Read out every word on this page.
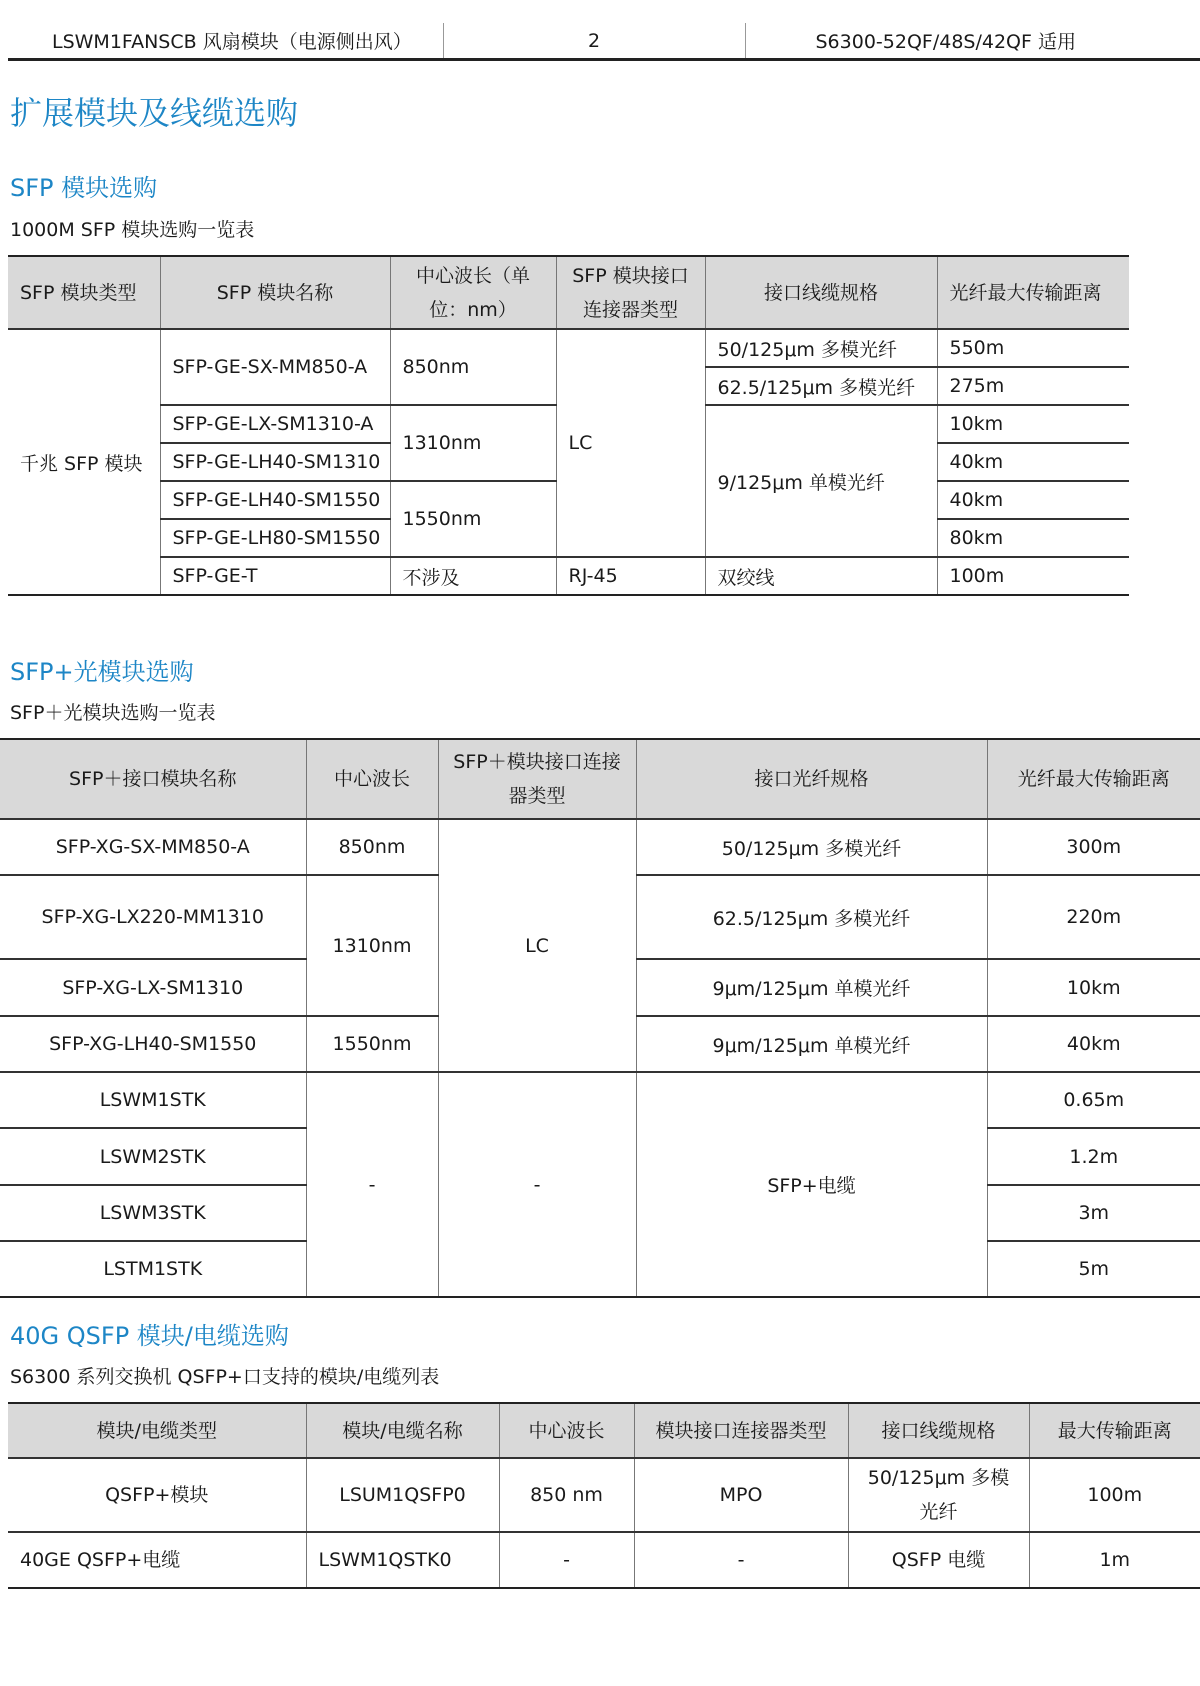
LSWM1FANSCB 风扇模块（电源侧出风）	2	S6300-52QF/48S/42QF 适用
扩展模块及线缆选购
SFP 模块选购

1000M SFP 模块选购一览表

SFP 模块类型	SFP 模块名称	中心波长（单位：nm）	SFP 模块接口连接器类型	接口线缆规格	光纤最大传输距离
千兆 SFP 模块	SFP-GE-SX-MM850-A	850nm	LC	50/125μm 多模光纤	550m
				62.5/125μm 多模光纤	275m
	SFP-GE-LX-SM1310-A	1310nm		9/125μm 单模光纤	10km
	SFP-GE-LH40-SM1310				40km
	SFP-GE-LH40-SM1550	1550nm			40km
	SFP-GE-LH80-SM1550				80km
	SFP-GE-T	不涉及	RJ-45	双绞线	100m
SFP+光模块选购

SFP＋光模块选购一览表

SFP＋接口模块名称	中心波长	SFP＋模块接口连接器类型	接口光纤规格	光纤最大传输距离
SFP-XG-SX-MM850-A	850nm	LC	50/125μm 多模光纤	300m
SFP-XG-LX220-MM1310	1310nm		62.5/125μm 多模光纤	220m
SFP-XG-LX-SM1310			9μm/125μm 单模光纤	10km
SFP-XG-LH40-SM1550	1550nm		9μm/125μm 单模光纤	40km
LSWM1STK	-	-	SFP+电缆	0.65m
LSWM2STK				1.2m
LSWM3STK				3m
LSTM1STK				5m
40G QSFP 模块/电缆选购

S6300 系列交换机 QSFP+口支持的模块/电缆列表

模块/电缆类型	模块/电缆名称	中心波长	模块接口连接器类型	接口线缆规格	最大传输距离
QSFP+模块	LSUM1QSFP0	850 nm	MPO	50/125μm 多模光纤	100m
40GE QSFP+电缆	LSWM1QSTK0	-	-	QSFP 电缆	1m
